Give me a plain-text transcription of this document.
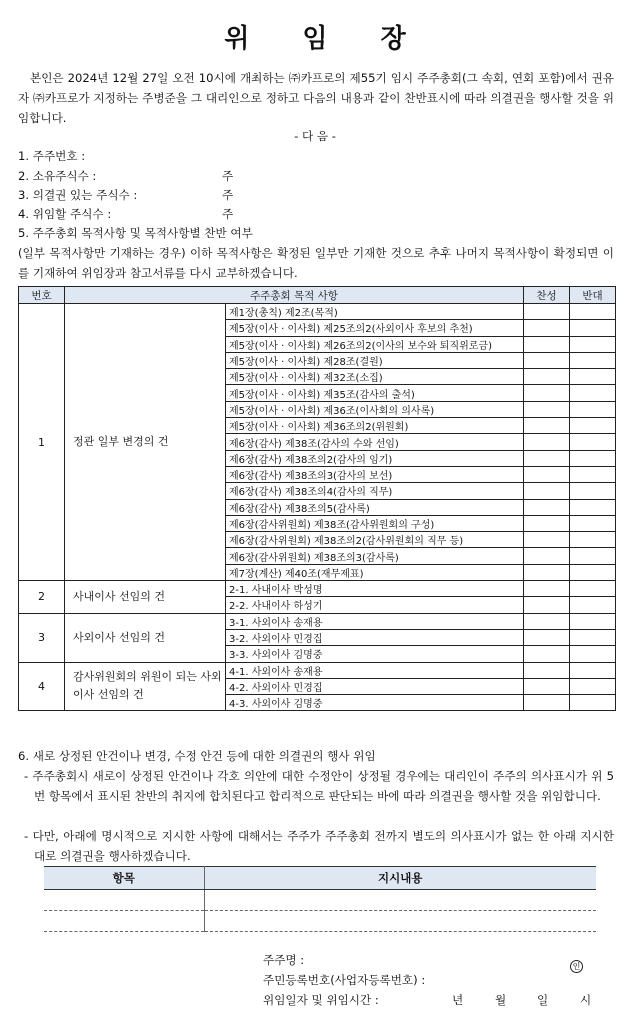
위 임 장
본인은 2024년 12월 27일 오전 10시에 개최하는 ㈜카프로의 제55기 임시 주주총회(그 속회, 연회 포함)에서 권유자 ㈜카프로가 지정하는 주병준을 그 대리인으로 정하고 다음의 내용과 같이 찬반표시에 따라 의결권을 행사할 것을 위임합니다.
- 다 음 -
1. 주주번호 :
2. 소유주식수 :	주
3. 의결권 있는 주식수 :	주
4. 위임할 주식수 :	주
5. 주주총회 목적사항 및 목적사항별 찬반 여부
(일부 목적사항만 기재하는 경우) 이하 목적사항은 확정된 일부만 기재한 것으로 추후 나머지 목적사항이 확정되면 이를 기재하여 위임장과 참고서류를 다시 교부하겠습니다.
번호	주주총회 목적 사항		찬성	반대
1	정관 일부 변경의 건	제1장(총칙) 제2조(목적)		
		제5장(이사 · 이사회) 제25조의2(사외이사 후보의 추천)		
		제5장(이사 · 이사회) 제26조의2(이사의 보수와 퇴직위로금)		
		제5장(이사 · 이사회) 제28조(결원)		
		제5장(이사 · 이사회) 제32조(소집)		
		제5장(이사 · 이사회) 제35조(감사의 출석)		
		제5장(이사 · 이사회) 제36조(이사회의 의사록)		
		제5장(이사 · 이사회) 제36조의2(위원회)		
		제6장(감사) 제38조(감사의 수와 선임)		
		제6장(감사) 제38조의2(감사의 임기)		
		제6장(감사) 제38조의3(감사의 보선)		
		제6장(감사) 제38조의4(감사의 직무)		
		제6장(감사) 제38조의5(감사록)		
		제6장(감사위원회) 제38조(감사위원회의 구성)		
		제6장(감사위원회) 제38조의2(감사위원회의 직무 등)		
		제6장(감사위원회) 제38조의3(감사록)		
		제7장(계산) 제40조(재무제표)		
2	사내이사 선임의 건	2-1. 사내이사 박성명		
		2-2. 사내이사 하성기		
3	사외이사 선임의 건	3-1. 사외이사 송재용		
		3-2. 사외이사 민경집		
		3-3. 사외이사 김명중		
4	감사위원회의 위원이 되는 사외이사 선임의 건	4-1. 사외이사 송재용		
		4-2. 사외이사 민경집		
		4-3. 사외이사 김명중		
6. 새로 상정된 안건이나 변경, 수정 안건 등에 대한 의결권의 행사 위임
- 주주총회시 새로이 상정된 안건이나 각호 의안에 대한 수정안이 상정될 경우에는 대리인이 주주의 의사표시가 위 5번 항목에서 표시된 찬반의 취지에 합치된다고 합리적으로 판단되는 바에 따라 의결권을 행사할 것을 위임합니다.
- 다만, 아래에 명시적으로 지시한 사항에 대해서는 주주가 주주총회 전까지 별도의 의사표시가 없는 한 아래 지시한 대로 의결권을 행사하겠습니다.
항목	지시내용

주주명 :	인
주민등록번호(사업자등록번호) :
위임일자 및 위임시간 :	년	월	일	시
